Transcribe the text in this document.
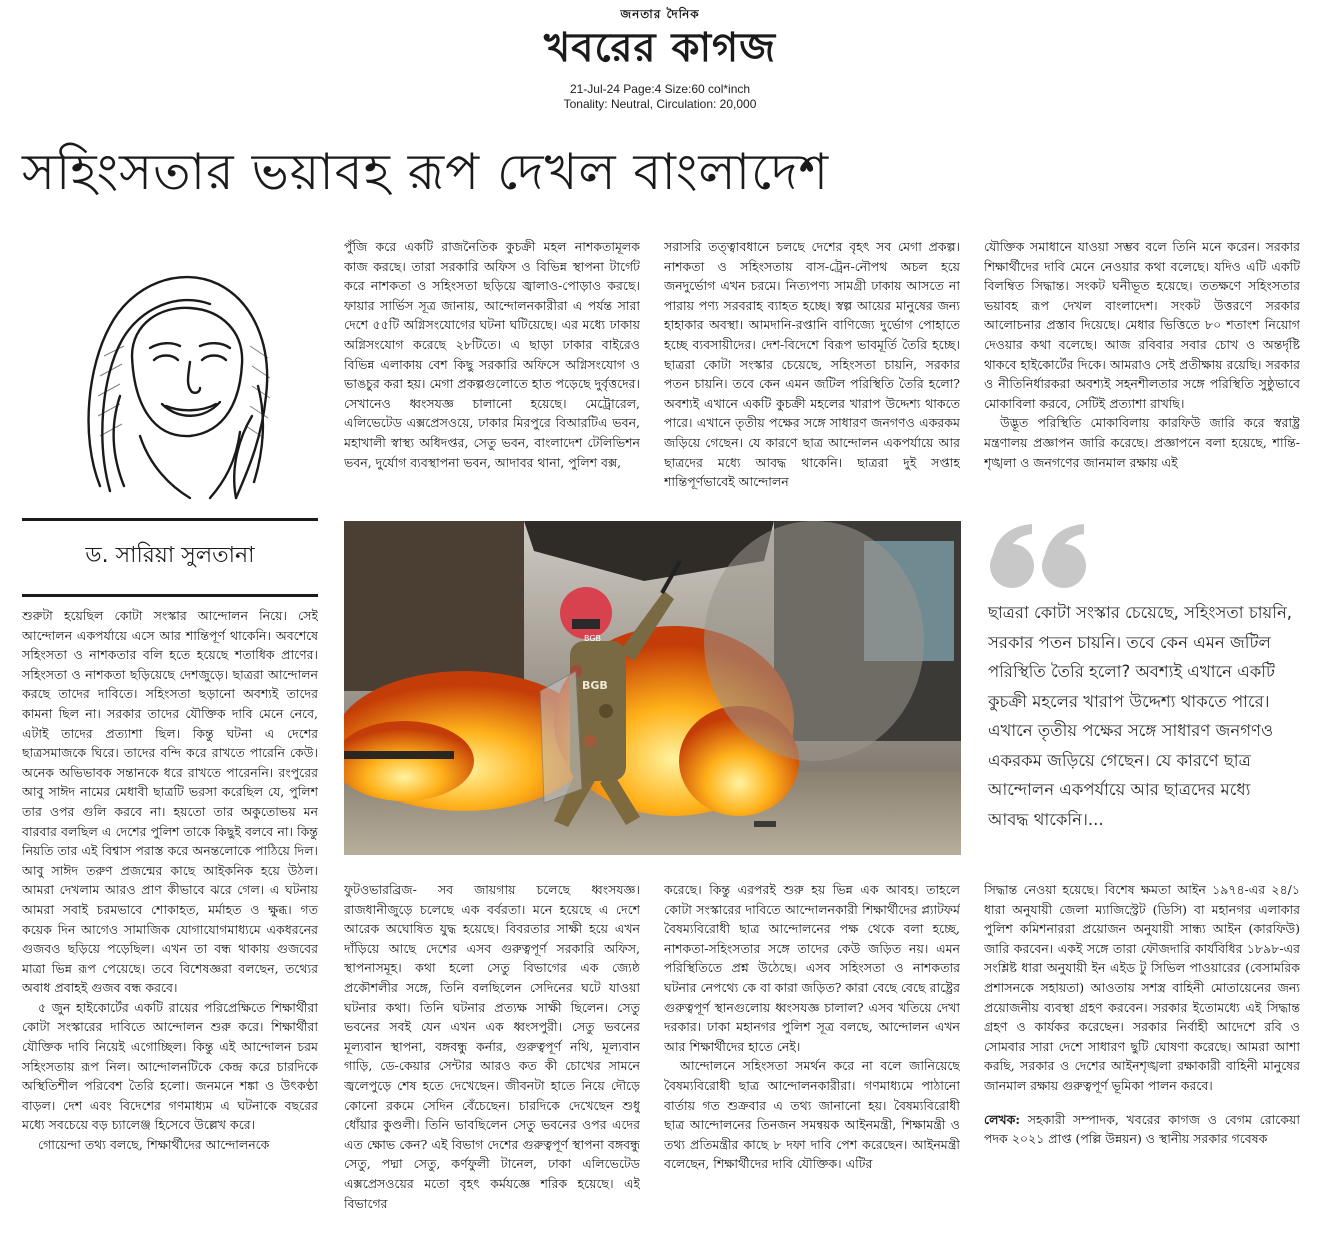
জনতার দৈনিক
খবরের কাগজ
21-Jul-24 Page:4 Size:60 col*inch
Tonality: Neutral, Circulation: 20,000
সহিংসতার ভয়াবহ রূপ দেখল বাংলাদেশ
ড. সারিয়া সুলতানা

শুরুটা হয়েছিল কোটা সংস্কার আন্দোলন নিয়ে। সেই আন্দোলন একপর্যায়ে এসে আর শান্তিপূর্ণ থাকেনি। অবশেষে সহিংসতা ও নাশকতার বলি হতে হয়েছে শতাধিক প্রাণের। সহিংসতা ও নাশকতা ছড়িয়েছে দেশজুড়ে। ছাত্ররা আন্দোলন করছে তাদের দাবিতে। সহিংসতা ছড়ানো অবশ্যই তাদের কামনা ছিল না। সরকার তাদের যৌক্তিক দাবি মেনে নেবে, এটাই তাদের প্রত্যাশা ছিল। কিন্তু ঘটনা এ দেশের ছাত্রসমাজকে ঘিরে। তাদের বন্দি করে রাখতে পারেনি কেউ। অনেক অভিভাবক সন্তানকে ধরে রাখতে পারেননি। রংপুরের আবু সাঈদ নামের মেধাবী ছাত্রটি ভরসা করেছিল যে, পুলিশ তার ওপর গুলি করবে না। হয়তো তার অকুতোভয় মন বারবার বলছিল এ দেশের পুলিশ তাকে কিছুই বলবে না। কিন্তু নিয়তি তার এই বিশ্বাস পরাস্ত করে অনন্তলোকে পাঠিয়ে দিল। আবু সাঈদ তরুণ প্রজন্মের কাছে আইকনিক হয়ে উঠল। আমরা দেখলাম আরও প্রাণ কীভাবে ঝরে গেল। এ ঘটনায় আমরা সবাই চরমভাবে শোকাহত, মর্মাহত ও ক্ষুব্ধ। গত কয়েক দিন আগেও সামাজিক যোগাযোগমাধ্যমে একধরনের গুজবও ছড়িয়ে পড়েছিল। এখন তা বন্ধ থাকায় গুজবের মাত্রা ভিন্ন রূপ পেয়েছে। তবে বিশেষজ্ঞরা বলছেন, তথ্যের অবাধ প্রবাহই গুজব বন্ধ করবে।

৫ জুন হাইকোর্টের একটি রায়ের পরিপ্রেক্ষিতে শিক্ষার্থীরা কোটা সংস্কারের দাবিতে আন্দোলন শুরু করে। শিক্ষার্থীরা যৌক্তিক দাবি নিয়েই এগোচ্ছিল। কিন্তু এই আন্দোলন চরম সহিংসতায় রূপ নিল। আন্দোলনটিকে কেন্দ্র করে চারদিকে অস্থিতিশীল পরিবেশ তৈরি হলো। জনমনে শঙ্কা ও উৎকণ্ঠা বাড়ল। দেশ এবং বিদেশের গণমাধ্যম এ ঘটনাকে বছরের মধ্যে সবচেয়ে বড় চ্যালেঞ্জ হিসেবে উল্লেখ করে।

গোয়েন্দা তথ্য বলছে, শিক্ষার্থীদের আন্দোলনকে

পুঁজি করে একটি রাজনৈতিক কুচক্রী মহল নাশকতামূলক কাজ করছে। তারা সরকারি অফিস ও বিভিন্ন স্থাপনা টার্গেট করে নাশকতা ও সহিংসতা ছড়িয়ে জ্বালাও-পোড়াও করছে। ফায়ার সার্ভিস সূত্র জানায়, আন্দোলনকারীরা এ পর্যন্ত সারা দেশে ৫৫টি অগ্নিসংযোগের ঘটনা ঘটিয়েছে। এর মধ্যে ঢাকায় অগ্নিসংযোগ করেছে ২৮টিতে। এ ছাড়া ঢাকার বাইরেও বিভিন্ন এলাকায় বেশ কিছু সরকারি অফিসে অগ্নিসংযোগ ও ভাঙচুর করা হয়। মেগা প্রকল্পগুলোতে হাত পড়েছে দুর্বৃত্তদের। সেখানেও ধ্বংসযজ্ঞ চালানো হয়েছে। মেট্রোরেল, এলিভেটেড এক্সপ্রেসওয়ে, ঢাকার মিরপুরে বিআরটিএ ভবন, মহাখালী স্বাস্থ্য অধিদপ্তর, সেতু ভবন, বাংলাদেশ টেলিভিশন ভবন, দুর্যোগ ব্যবস্থাপনা ভবন, আদাবর থানা, পুলিশ বক্স,

সরাসরি তত্ত্বাবধানে চলছে দেশের বৃহৎ সব মেগা প্রকল্প। নাশকতা ও সহিংসতায় বাস-ট্রেন-নৌপথ অচল হয়ে জনদুর্ভোগ এখন চরমে। নিত্যপণ্য সামগ্রী ঢাকায় আসতে না পারায় পণ্য সরবরাহ ব্যাহত হচ্ছে। স্বল্প আয়ের মানুষের জন্য হাহাকার অবস্থা। আমদানি-রপ্তানি বাণিজ্যে দুর্ভোগ পোহাতে হচ্ছে ব্যবসায়ীদের। দেশ-বিদেশে বিরূপ ভাবমূর্তি তৈরি হচ্ছে। ছাত্ররা কোটা সংস্কার চেয়েছে, সহিংসতা চায়নি, সরকার পতন চায়নি। তবে কেন এমন জটিল পরিস্থিতি তৈরি হলো? অবশ্যই এখানে একটি কুচক্রী মহলের খারাপ উদ্দেশ্য থাকতে পারে। এখানে তৃতীয় পক্ষের সঙ্গে সাধারণ জনগণও একরকম জড়িয়ে গেছেন। যে কারণে ছাত্র আন্দোলন একপর্যায়ে আর ছাত্রদের মধ্যে আবদ্ধ থাকেনি। ছাত্ররা দুই সপ্তাহ শান্তিপূর্ণভাবেই আন্দোলন

যৌক্তিক সমাধানে যাওয়া সম্ভব বলে তিনি মনে করেন। সরকার শিক্ষার্থীদের দাবি মেনে নেওয়ার কথা বলেছে। যদিও এটি একটি বিলম্বিত সিদ্ধান্ত। সংকট ঘনীভূত হয়েছে। ততক্ষণে সহিংসতার ভয়াবহ রূপ দেখল বাংলাদেশ। সংকট উত্তরণে সরকার আলোচনার প্রস্তাব দিয়েছে। মেধার ভিত্তিতে ৮০ শতাংশ নিয়োগ দেওয়ার কথা বলেছে। আজ রবিবার সবার চোখ ও অন্তর্দৃষ্টি থাকবে হাইকোর্টের দিকে। আমরাও সেই প্রতীক্ষায় রয়েছি। সরকার ও নীতিনির্ধারকরা অবশ্যই সহনশীলতার সঙ্গে পরিস্থিতি সুষ্ঠুভাবে মোকাবিলা করবে, সেটিই প্রত্যাশা রাখছি।

উদ্ভূত পরিস্থিতি মোকাবিলায় কারফিউ জারি করে স্বরাষ্ট্র মন্ত্রণালয় প্রজ্ঞাপন জারি করেছে। প্রজ্ঞাপনে বলা হয়েছে, শান্তি-শৃঙ্খলা ও জনগণের জানমাল রক্ষায় এই

BGB
BGB
ছাত্ররা কোটা সংস্কার চেয়েছে, সহিংসতা চায়নি, সরকার পতন চায়নি। তবে কেন এমন জটিল পরিস্থিতি তৈরি হলো? অবশ্যই এখানে একটি কুচক্রী মহলের খারাপ উদ্দেশ্য থাকতে পারে। এখানে তৃতীয় পক্ষের সঙ্গে সাধারণ জনগণও একরকম জড়িয়ে গেছেন। যে কারণে ছাত্র আন্দোলন একপর্যায়ে আর ছাত্রদের মধ্যে আবদ্ধ থাকেনি।...

ফুটওভারব্রিজ- সব জায়গায় চলেছে ধ্বংসযজ্ঞ। রাজধানীজুড়ে চলেছে এক বর্বরতা। মনে হয়েছে এ দেশে আরেক অঘোষিত যুদ্ধ হয়েছে। বিবরতার সাক্ষী হয়ে এখন দাঁড়িয়ে আছে দেশের এসব গুরুত্বপূর্ণ সরকারি অফিস, স্থাপনাসমূহ। কথা হলো সেতু বিভাগের এক জ্যেষ্ঠ প্রকৌশলীর সঙ্গে, তিনি বলছিলেন সেদিনের ঘটে যাওয়া ঘটনার কথা। তিনি ঘটনার প্রত্যক্ষ সাক্ষী ছিলেন। সেতু ভবনের সবই যেন এখন এক ধ্বংসপুরী। সেতু ভবনের মূল্যবান স্থাপনা, বঙ্গবন্ধু কর্নার, গুরুত্বপূর্ণ নথি, মূল্যবান গাড়ি, ডে-কেয়ার সেন্টার আরও কত কী চোখের সামনে জ্বলেপুড়ে শেষ হতে দেখেছেন। জীবনটা হাতে নিয়ে দৌড়ে কোনো রকমে সেদিন বেঁচেছেন। চারদিকে দেখেছেন শুধু ধোঁয়ার কুণ্ডলী। তিনি ভাবছিলেন সেতু ভবনের ওপর এদের এত ক্ষোভ কেন? এই বিভাগ দেশের গুরুত্বপূর্ণ স্থাপনা বঙ্গবন্ধু সেতু, পদ্মা সেতু, কর্ণফুলী টানেল, ঢাকা এলিভেটেড এক্সপ্রেসওয়ের মতো বৃহৎ কর্মযজ্ঞে শরিক হয়েছে। এই বিভাগের

করেছে। কিন্তু এরপরই শুরু হয় ভিন্ন এক আবহ। তাহলে কোটা সংস্কারের দাবিতে আন্দোলনকারী শিক্ষার্থীদের প্ল্যাটফর্ম বৈষম্যবিরোধী ছাত্র আন্দোলনের পক্ষ থেকে বলা হচ্ছে, নাশকতা-সহিংসতার সঙ্গে তাদের কেউ জড়িত নয়। এমন পরিস্থিতিতে প্রশ্ন উঠেছে। এসব সহিংসতা ও নাশকতার ঘটনার নেপথ্যে কে বা কারা জড়িত? কারা বেছে বেছে রাষ্ট্রের গুরুত্বপূর্ণ স্থানগুলোয় ধ্বংসযজ্ঞ চালাল? এসব খতিয়ে দেখা দরকার। ঢাকা মহানগর পুলিশ সূত্র বলছে, আন্দোলন এখন আর শিক্ষার্থীদের হাতে নেই।

আন্দোলনে সহিংসতা সমর্থন করে না বলে জানিয়েছে বৈষম্যবিরোধী ছাত্র আন্দোলনকারীরা। গণমাধ্যমে পাঠানো বার্তায় গত শুক্রবার এ তথ্য জানানো হয়। বৈষম্যবিরোধী ছাত্র আন্দোলনের তিনজন সমন্বয়ক আইনমন্ত্রী, শিক্ষামন্ত্রী ও তথ্য প্রতিমন্ত্রীর কাছে ৮ দফা দাবি পেশ করেছেন। আইনমন্ত্রী বলেছেন, শিক্ষার্থীদের দাবি যৌক্তিক। এটির

সিদ্ধান্ত নেওয়া হয়েছে। বিশেষ ক্ষমতা আইন ১৯৭৪-এর ২৪/১ ধারা অনুযায়ী জেলা ম্যাজিস্ট্রেট (ডিসি) বা মহানগর এলাকার পুলিশ কমিশনাররা প্রয়োজন অনুযায়ী সান্ধ্য আইন (কারফিউ) জারি করবেন। একই সঙ্গে তারা ফৌজদারি কার্যবিধির ১৮৯৮-এর সংশ্লিষ্ট ধারা অনুযায়ী ইন এইড টু সিভিল পাওয়ারের (বেসামরিক প্রশাসনকে সহায়তা) আওতায় সশস্ত্র বাহিনী মোতায়েনের জন্য প্রয়োজনীয় ব্যবস্থা গ্রহণ করবেন। সরকার ইতোমধ্যে এই সিদ্ধান্ত গ্রহণ ও কার্যকর করেছেন। সরকার নির্বাহী আদেশে রবি ও সোমবার সারা দেশে সাধারণ ছুটি ঘোষণা করেছে। আমরা আশা করছি, সরকার ও দেশের আইনশৃঙ্খলা রক্ষাকারী বাহিনী মানুষের জানমাল রক্ষায় গুরুত্বপূর্ণ ভূমিকা পালন করবে।

লেখক: সহকারী সম্পাদক, খবরের কাগজ ও বেগম রোকেয়া পদক ২০২১ প্রাপ্ত (পল্লি উন্নয়ন) ও স্থানীয় সরকার গবেষক
